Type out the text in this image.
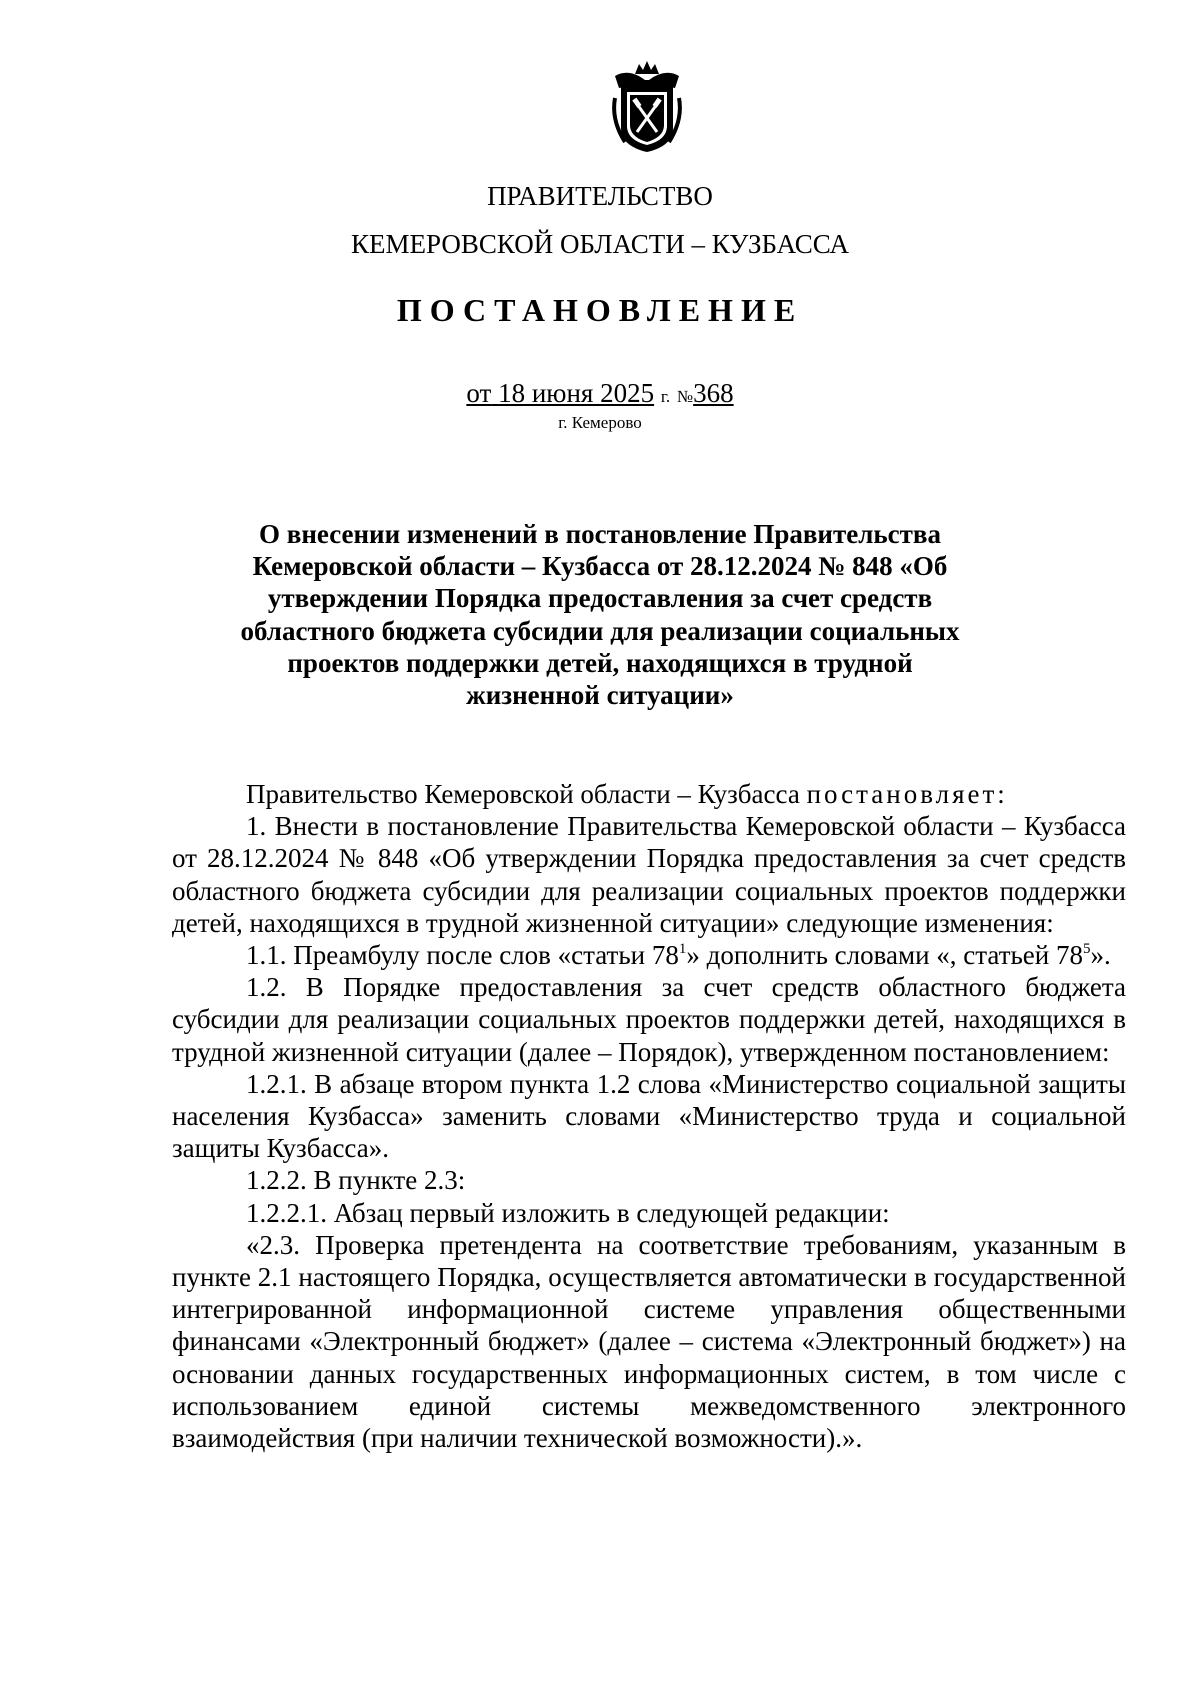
ПРАВИТЕЛЬСТВО
КЕМЕРОВСКОЙ ОБЛАСТИ – КУЗБАССА
ПОСТАНОВЛЕНИЕ
от 18 июня 2025 г. №368
г. Кемерово
О внесении изменений в постановление Правительства Кемеровской области – Кузбасса от 28.12.2024 № 848 «Об утверждении Порядка предоставления за счет средств областного бюджета субсидии для реализации социальных проектов поддержки детей, находящихся в трудной жизненной ситуации»

Правительство Кемеровской области – Кузбасса постановляет:

1. Внести в постановление Правительства Кемеровской области – Кузбасса от 28.12.2024 № 848 «Об утверждении Порядка предоставления за счет средств областного бюджета субсидии для реализации социальных проектов поддержки детей, находящихся в трудной жизненной ситуации» следующие изменения:

1.1. Преамбулу после слов «статьи $78^1$» дополнить словами «, статьей $78^5$».

1.2. В Порядке предоставления за счет средств областного бюджета субсидии для реализации социальных проектов поддержки детей, находящихся в трудной жизненной ситуации (далее – Порядок), утвержденном постановлением:

1.2.1. В абзаце втором пункта 1.2 слова «Министерство социальной защиты населения Кузбасса» заменить словами «Министерство труда и социальной защиты Кузбасса».

1.2.2. В пункте 2.3:

1.2.2.1. Абзац первый изложить в следующей редакции:

«2.3. Проверка претендента на соответствие требованиям, указанным в пункте 2.1 настоящего Порядка, осуществляется автоматически в государственной интегрированной информационной системе управления общественными финансами «Электронный бюджет» (далее – система «Электронный бюджет») на основании данных государственных информационных систем, в том числе с использованием единой системы межведомственного электронного взаимодействия (при наличии технической возможности).».
